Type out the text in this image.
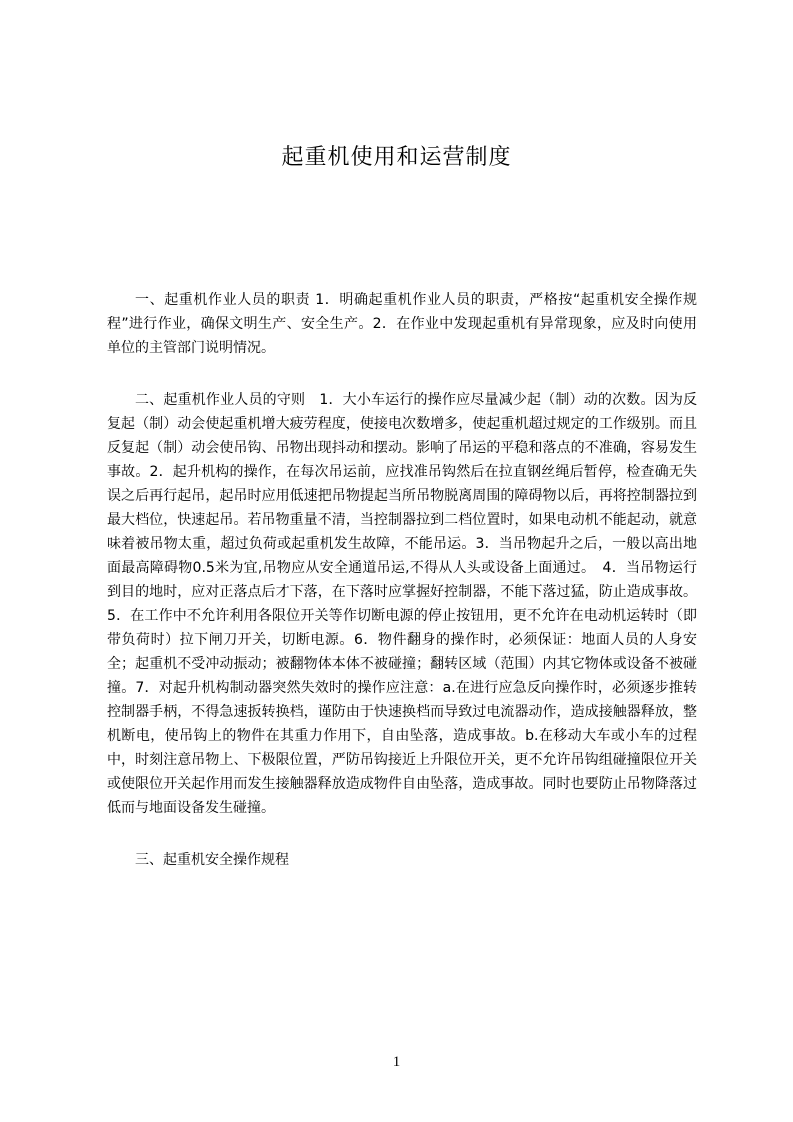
起重机使用和运营制度

一、起重机作业人员的职责 1．明确起重机作业人员的职责，严格按“起重机安全操作规程”进行作业，确保文明生产、安全生产。2．在作业中发现起重机有异常现象，应及时向使用单位的主管部门说明情况。

二、起重机作业人员的守则　1．大小车运行的操作应尽量减少起（制）动的次数。因为反复起（制）动会使起重机增大疲劳程度，使接电次数增多，使起重机超过规定的工作级别。而且反复起（制）动会使吊钩、吊物出现抖动和摆动。影响了吊运的平稳和落点的不准确，容易发生事故。2．起升机构的操作，在每次吊运前，应找准吊钩然后在拉直钢丝绳后暂停，检查确无失误之后再行起吊，起吊时应用低速把吊物提起当所吊物脱离周围的障碍物以后，再将控制器拉到最大档位，快速起吊。若吊物重量不清，当控制器拉到二档位置时，如果电动机不能起动，就意味着被吊物太重，超过负荷或起重机发生故障，不能吊运。3．当吊物起升之后，一般以高出地面最高障碍物0.5米为宜,吊物应从安全通道吊运,不得从人头或设备上面通过。　4．当吊物运行到目的地时，应对正落点后才下落，在下落时应掌握好控制器，不能下落过猛，防止造成事故。5．在工作中不允许利用各限位开关等作切断电源的停止按钮用，更不允许在电动机运转时（即带负荷时）拉下闸刀开关，切断电源。6．物件翻身的操作时，必须保证：地面人员的人身安全；起重机不受冲动振动；被翻物体本体不被碰撞；翻转区域（范围）内其它物体或设备不被碰撞。7．对起升机构制动器突然失效时的操作应注意：a.在进行应急反向操作时，必须逐步推转控制器手柄，不得急速扳转换档，谨防由于快速换档而导致过电流器动作，造成接触器释放，整机断电，使吊钩上的物件在其重力作用下，自由坠落，造成事故。b.在移动大车或小车的过程中，时刻注意吊物上、下极限位置，严防吊钩接近上升限位开关，更不允许吊钩组碰撞限位开关或使限位开关起作用而发生接触器释放造成物件自由坠落，造成事故。同时也要防止吊物降落过低而与地面设备发生碰撞。

三、起重机安全操作规程

1
